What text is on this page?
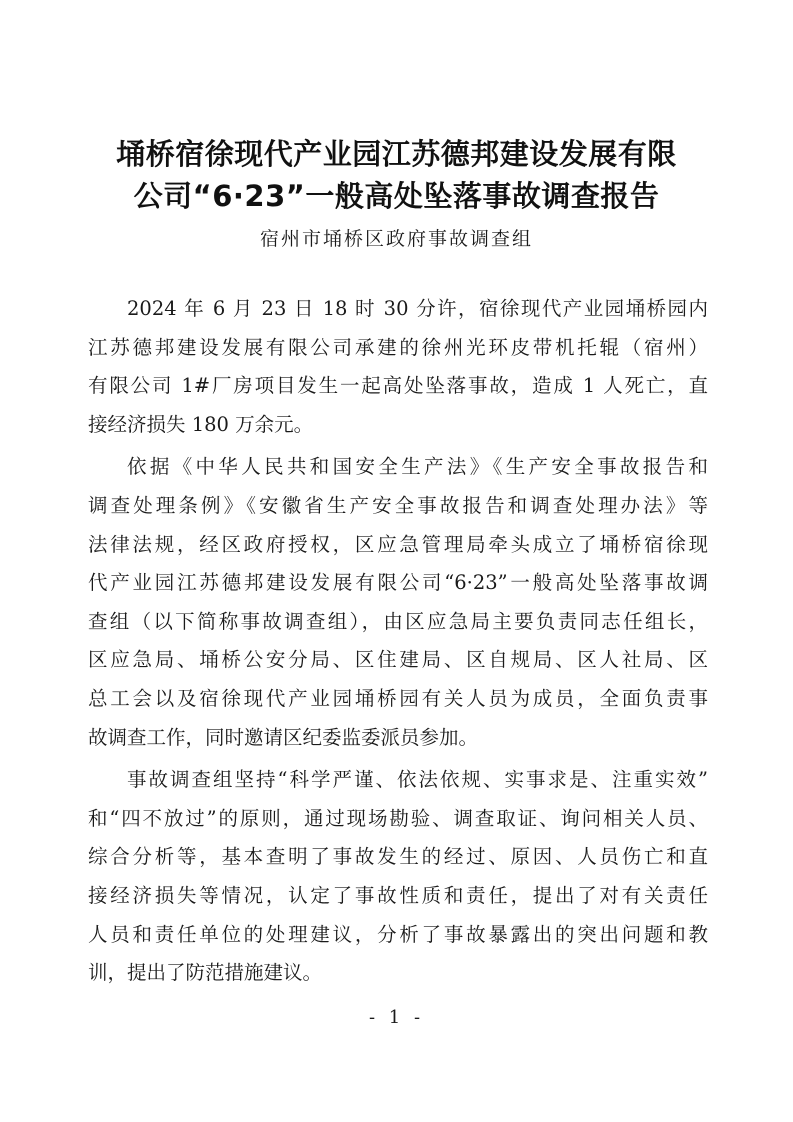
埇桥宿徐现代产业园江苏德邦建设发展有限
公司“6·23”一般高处坠落事故调查报告

宿州市埇桥区政府事故调查组

2024 年 6 月 23 日 18 时 30 分许，宿徐现代产业园埇桥园内
江苏德邦建设发展有限公司承建的徐州光环皮带机托辊（宿州）
有限公司 1#厂房项目发生一起高处坠落事故，造成 1 人死亡，直
接经济损失 180 万余元。
依据《中华人民共和国安全生产法》《生产安全事故报告和
调查处理条例》《安徽省生产安全事故报告和调查处理办法》等
法律法规，经区政府授权，区应急管理局牵头成立了埇桥宿徐现
代产业园江苏德邦建设发展有限公司“6·23”一般高处坠落事故调
查组（以下简称事故调查组），由区应急局主要负责同志任组长，
区应急局、埇桥公安分局、区住建局、区自规局、区人社局、区
总工会以及宿徐现代产业园埇桥园有关人员为成员，全面负责事
故调查工作，同时邀请区纪委监委派员参加。
事故调查组坚持“科学严谨、依法依规、实事求是、注重实效”
和“四不放过”的原则，通过现场勘验、调查取证、询问相关人员、
综合分析等，基本查明了事故发生的经过、原因、人员伤亡和直
接经济损失等情况，认定了事故性质和责任，提出了对有关责任
人员和责任单位的处理建议，分析了事故暴露出的突出问题和教
训，提出了防范措施建议。
- 1 -
